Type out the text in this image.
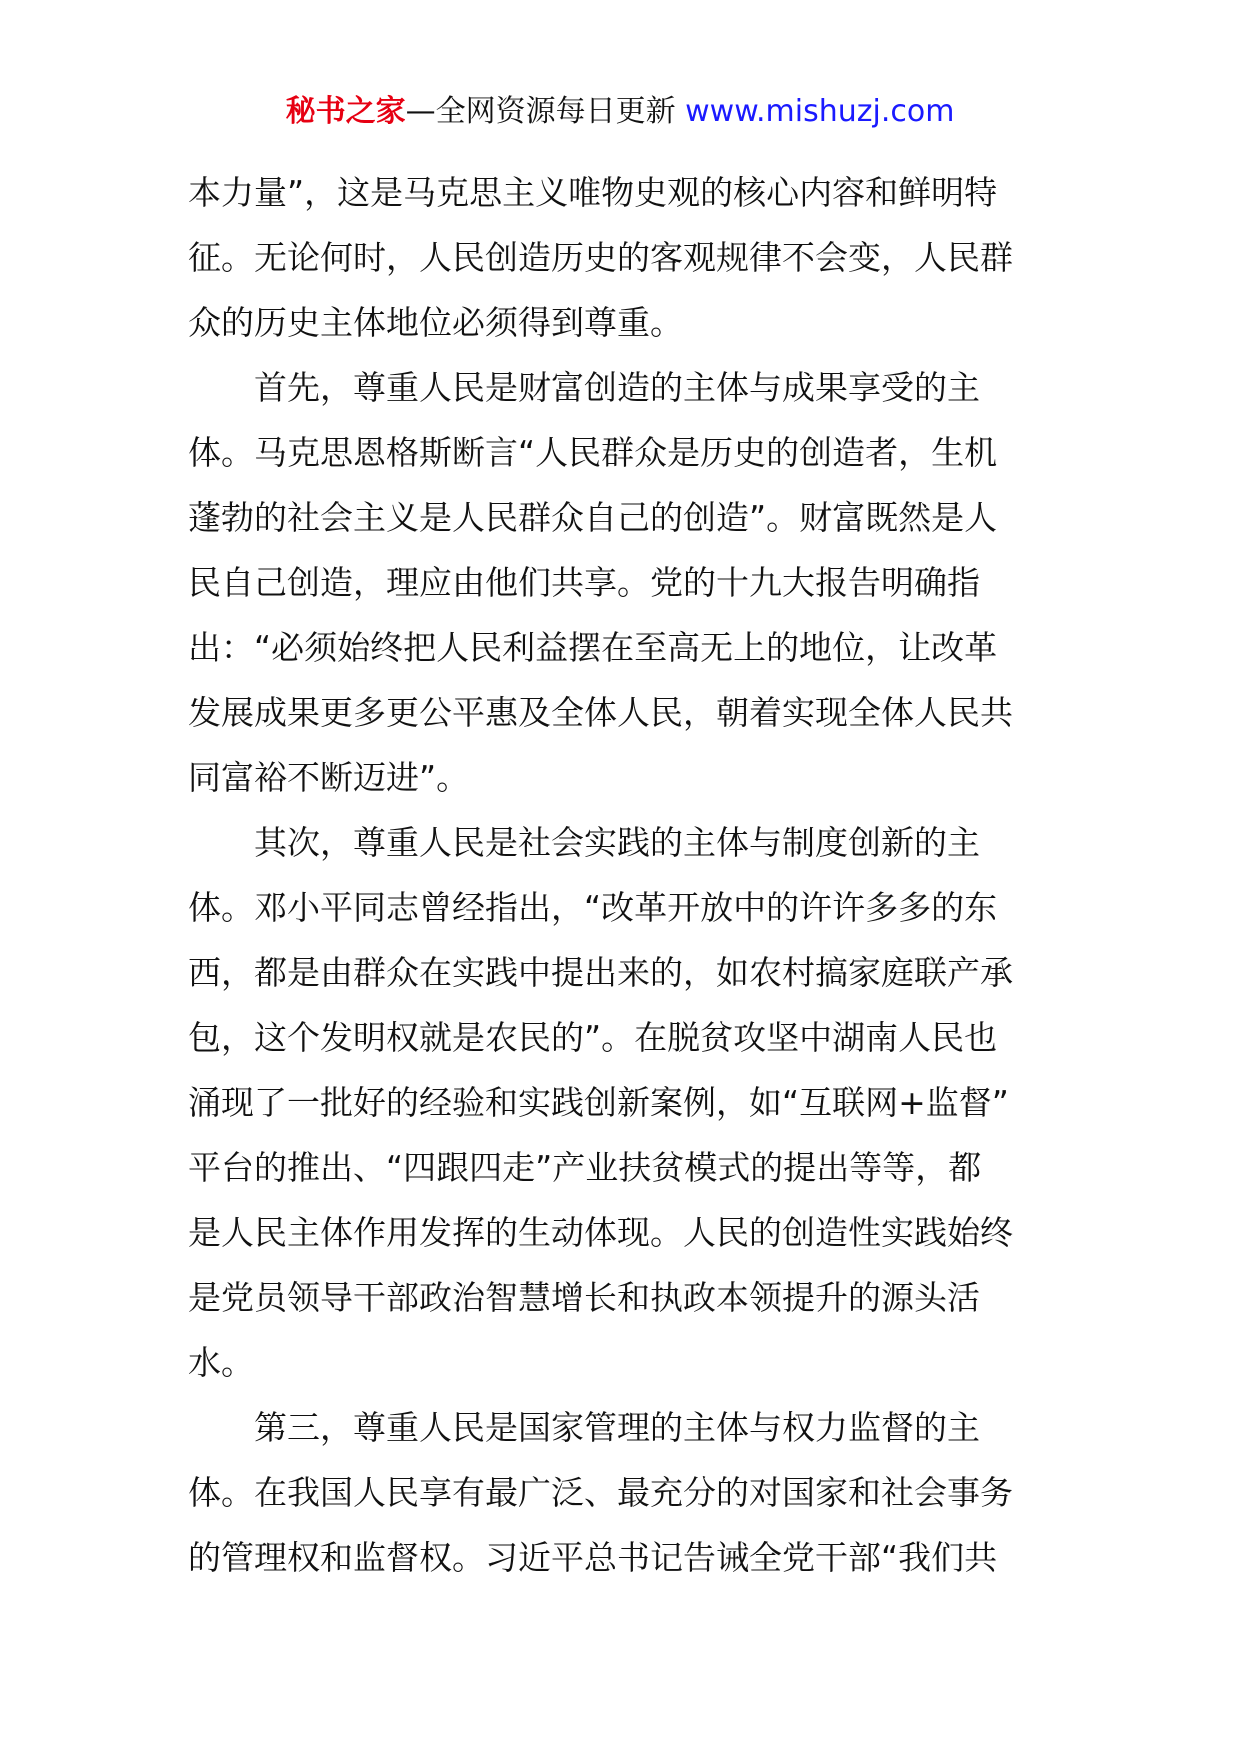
秘书之家—全网资源每日更新 www.mishuzj.com
本力量”，这是马克思主义唯物史观的核心内容和鲜明特
征。无论何时，人民创造历史的客观规律不会变，人民群
众的历史主体地位必须得到尊重。
首先，尊重人民是财富创造的主体与成果享受的主
体。马克思恩格斯断言“人民群众是历史的创造者，生机
蓬勃的社会主义是人民群众自己的创造”。财富既然是人
民自己创造，理应由他们共享。党的十九大报告明确指
出：“必须始终把人民利益摆在至高无上的地位，让改革
发展成果更多更公平惠及全体人民，朝着实现全体人民共
同富裕不断迈进”。
其次，尊重人民是社会实践的主体与制度创新的主
体。邓小平同志曾经指出，“改革开放中的许许多多的东
西，都是由群众在实践中提出来的，如农村搞家庭联产承
包，这个发明权就是农民的”。在脱贫攻坚中湖南人民也
涌现了一批好的经验和实践创新案例，如“互联网+监督”
平台的推出、“四跟四走”产业扶贫模式的提出等等，都
是人民主体作用发挥的生动体现。人民的创造性实践始终
是党员领导干部政治智慧增长和执政本领提升的源头活
水。
第三，尊重人民是国家管理的主体与权力监督的主
体。在我国人民享有最广泛、最充分的对国家和社会事务
的管理权和监督权。习近平总书记告诫全党干部“我们共
